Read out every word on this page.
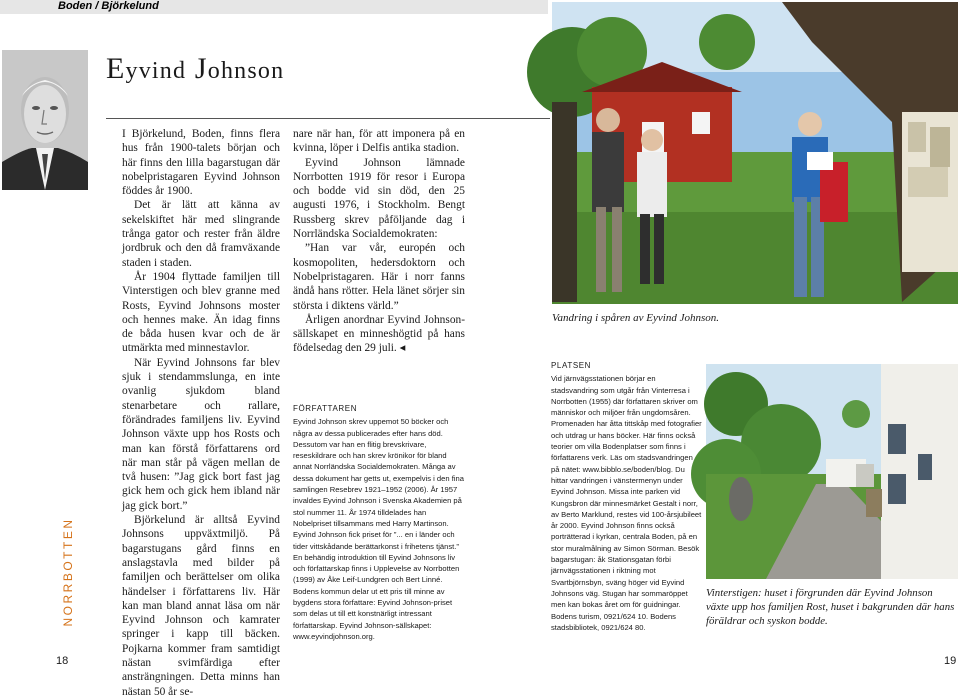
Boden / Björkelund
NORRBOTTEN
Eyvind Johnson

I Björkelund, Boden, finns flera hus från 1900-talets början och här finns den lilla bagarstugan där nobelpristagaren Eyvind Johnson föddes år 1900.

Det är lätt att känna av sekelskiftet här med slingrande trånga gator och rester från äldre jordbruk och den då framväxande staden i staden.

År 1904 flyttade familjen till Vinterstigen och blev granne med Rosts, Eyvind Johnsons moster och hennes make. Än idag finns de båda husen kvar och de är utmärkta med minnestavlor.

När Eyvind Johnsons far blev sjuk i stendammslunga, en inte ovanlig sjukdom bland stenarbetare och rallare, förändrades familjens liv. Eyvind Johnson växte upp hos Rosts och man kan förstå författarens ord när man står på vägen mellan de två husen: ”Jag gick bort fast jag gick hem och gick hem ibland när jag gick bort.”

Björkelund är alltså Eyvind Johnsons uppväxtmiljö. På bagarstugans gård finns en anslagstavla med bilder på familjen och berättelser om olika händelser i författarens liv. Här kan man bland annat läsa om när Eyvind Johnson och kamrater springer i kapp till bäcken. Pojkarna kommer fram samtidigt nästan svimfärdiga efter ansträngningen. Detta minns han nästan 50 år se-

nare när han, för att imponera på en kvinna, löper i Delfis antika stadion.

Eyvind Johnson lämnade Norrbotten 1919 för resor i Europa och bodde vid sin död, den 25 augusti 1976, i Stockholm. Bengt Russberg skrev påföljande dag i Norrländska Socialdemokraten:

”Han var vår, europén och kosmopoliten, hedersdoktorn och Nobelpristagaren. Här i norr fanns ändå hans rötter. Hela länet sörjer sin största i diktens värld.”

Årligen anordnar Eyvind Johnson-sällskapet en minneshögtid på hans födelsedag den 29 juli. ◂

FÖRFATTAREN
Eyvind Johnson skrev uppemot 50 böcker och några av dessa publicerades efter hans död. Dessutom var han en flitig brevskrivare, reseskildrare och han skrev krönikor för bland annat Norrländska Socialdemokraten. Många av dessa dokument har getts ut, exempelvis i den fina samlingen Resebrev 1921–1952 (2006). År 1957 invaldes Eyvind Johnson i Svenska Akademien på stol nummer 11. År 1974 tilldelades han Nobelpriset tillsammans med Harry Martinson. Eyvind Johnson fick priset för ”... en i länder och tider vittskådande berättarkonst i frihetens tjänst.” En behändig introduktion till Eyvind Johnsons liv och författarskap finns i Upplevelse av Norrbotten (1999) av Åke Leif-Lundgren och Bert Linné. Bodens kommun delar ut ett pris till minne av bygdens stora författare: Eyvind Johnson-priset som delas ut till ett konstnärligt intressant författarskap. Eyvind Johnson-sällskapet: www.eyvindjohnson.org.
Vandring i spåren av Eyvind Johnson.
PLATSEN
Vid järnvägsstationen börjar en stadsvandring som utgår från Vinterresa i Norrbotten (1955) där författaren skriver om människor och miljöer från ungdomsåren. Promenaden har åtta tittskåp med fotografier och utdrag ur hans böcker. Här finns också teorier om villa Bodenplatser som finns i författarens verk. Läs om stadsvandringen på nätet: www.bibblo.se/boden/blog. Du hittar vandringen i vänstermenyn under Eyvind Johnson. Missa inte parken vid Kungsbron där minnesmärket Gestalt i norr, av Berto Marklund, restes vid 100-årsjubileet år 2000. Eyvind Johnson finns också porträtterad i kyrkan, centrala Boden, på en stor muralmålning av Simon Sörman. Besök bagarstugan: åk Stationsgatan förbi järnvägsstationen i riktning mot Svartbjörnsbyn, sväng höger vid Eyvind Johnsons väg. Stugan har sommaröppet men kan bokas året om för guidningar. Bodens turism, 0921/624 10. Bodens stadsbibliotek, 0921/624 80.
Vinterstigen: huset i förgrunden där Eyvind Johnson växte upp hos familjen Rost, huset i bakgrunden där hans föräldrar och syskon bodde.
18	19
